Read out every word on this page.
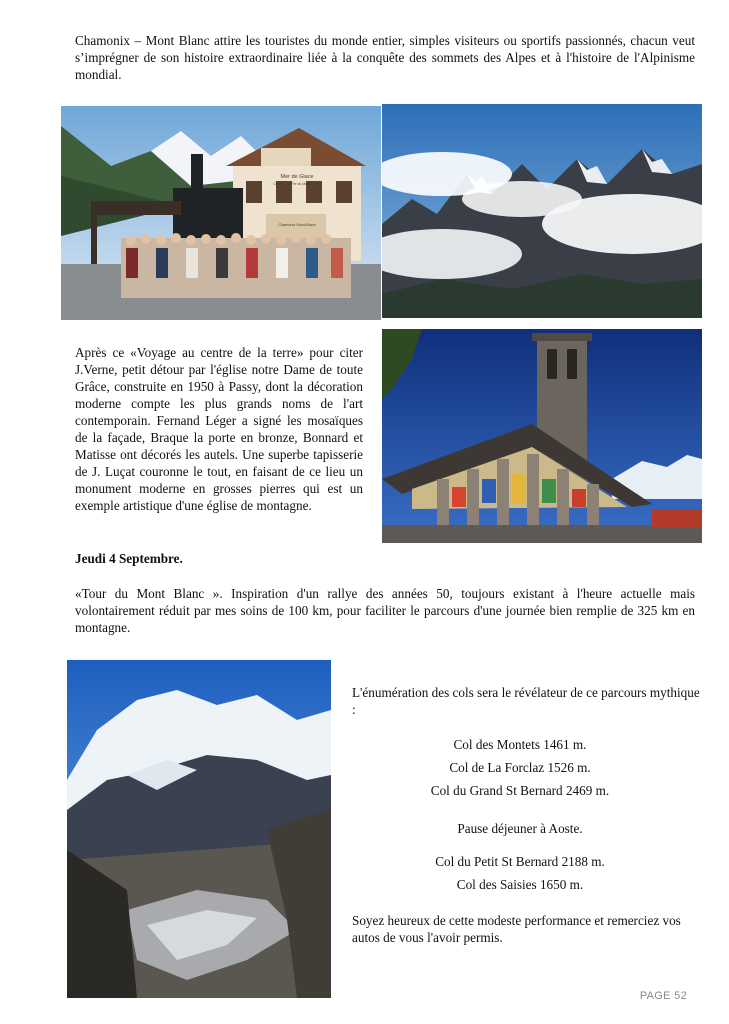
Chamonix – Mont Blanc attire les touristes du monde entier, simples visiteurs ou sportifs passionnés, chacun veut s’imprégner de son histoire extraordinaire liée à la conquête des sommets des Alpes et à l'histoire de l'Alpinisme mondial.

Mer de Glace
Chemin de Fer du Montenvers
Chamonix Mont-Blanc

Après ce «Voyage au centre de la terre» pour citer J.Verne, petit détour par l'église notre Dame de toute Grâce, construite en 1950 à Passy, dont la décoration moderne compte les plus grands noms de l'art contemporain. Fernand Léger a signé les mosaïques de la façade, Braque la porte en bronze, Bonnard et Matisse ont décorés les autels. Une superbe tapisserie de J. Luçat couronne le tout, en faisant de ce lieu un monument moderne en grosses pierres qui est un exemple artistique d'une église de montagne.

Jeudi 4 Septembre.

«Tour du Mont Blanc ». Inspiration d'un rallye des années 50, toujours existant à l'heure actuelle mais volontairement réduit par mes soins de 100 km, pour faciliter le parcours d'une journée bien remplie de 325 km en montagne.

L'énumération des cols sera le révélateur de ce parcours mythique :

Col des Montets 1461 m.

Col de La Forclaz 1526 m.

Col du Grand St Bernard 2469 m.

Pause déjeuner à Aoste.

Col du Petit St Bernard 2188 m.

Col des Saisies 1650 m.

Soyez heureux de cette modeste performance et remerciez vos autos de vous l'avoir permis.

PAGE 52
